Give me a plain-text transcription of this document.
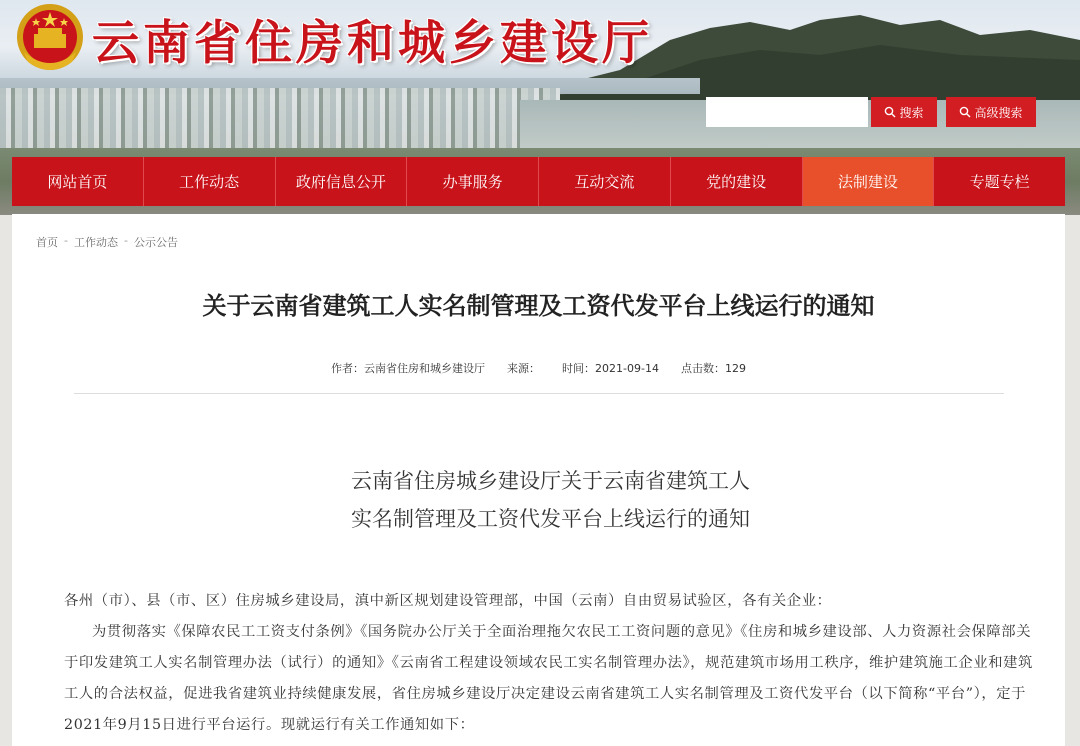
云南省住房和城乡建设厅
搜索	高级搜索
网站首页	工作动态	政府信息公开	办事服务	互动交流	党的建设	法制建设	专题专栏
首页 - 工作动态 - 公示公告
关于云南省建筑工人实名制管理及工资代发平台上线运行的通知
作者：云南省住房和城乡建设厅 来源： 时间：2021-09-14 点击数：129
云南省住房城乡建设厅关于云南省建筑工人
实名制管理及工资代发平台上线运行的通知

各州（市）、县（市、区）住房城乡建设局，滇中新区规划建设管理部，中国（云南）自由贸易试验区，各有关企业：

为贯彻落实《保障农民工工资支付条例》《国务院办公厅关于全面治理拖欠农民工工资问题的意见》《住房和城乡建设部、人力资源社会保障部关于印发建筑工人实名制管理办法（试行）的通知》《云南省工程建设领域农民工实名制管理办法》，规范建筑市场用工秩序，维护建筑施工企业和建筑工人的合法权益，促进我省建筑业持续健康发展，省住房城乡建设厅决定建设云南省建筑工人实名制管理及工资代发平台（以下简称“平台”），定于2021年9月15日进行平台运行。现就运行有关工作通知如下：
